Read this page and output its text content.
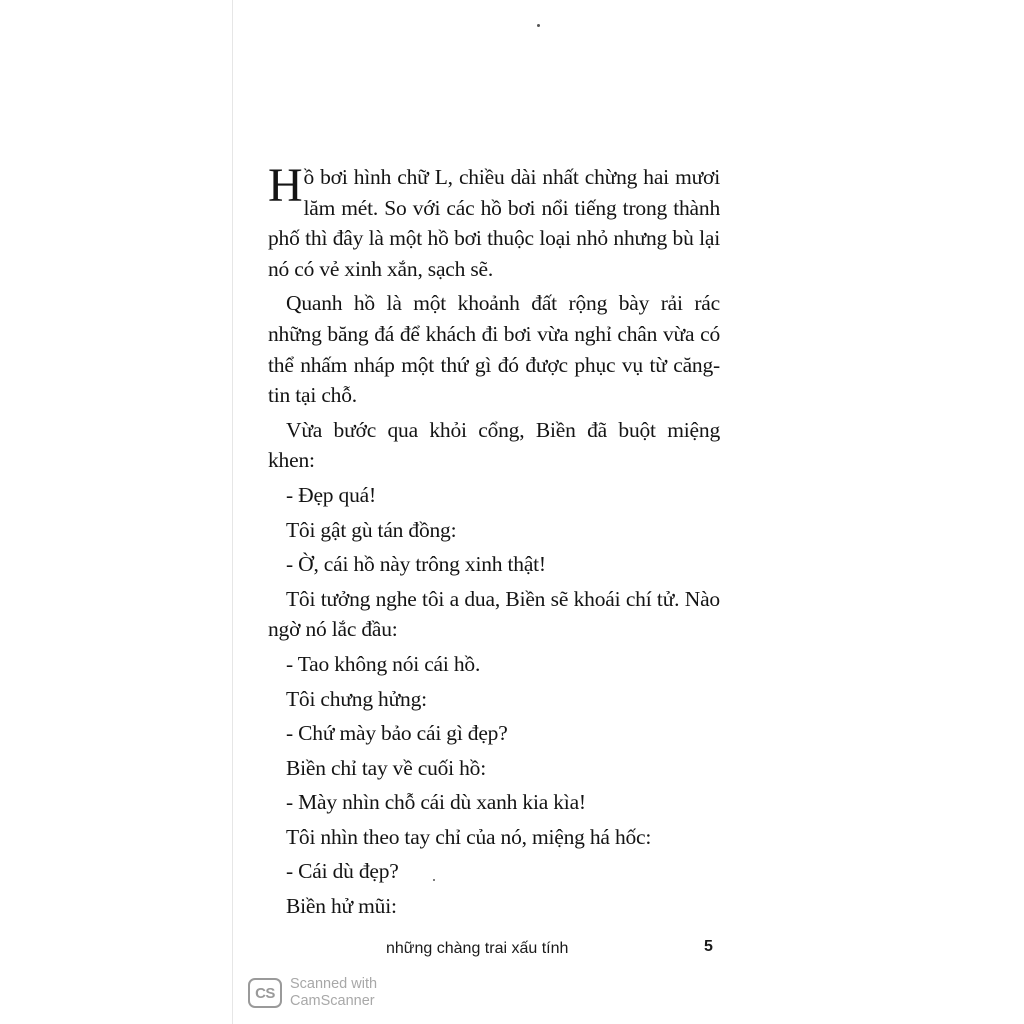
Hồ bơi hình chữ L, chiều dài nhất chừng hai mươi lăm mét. So với các hồ bơi nổi tiếng trong thành phố thì đây là một hồ bơi thuộc loại nhỏ nhưng bù lại nó có vẻ xinh xắn, sạch sẽ.

Quanh hồ là một khoảnh đất rộng bày rải rác những băng đá để khách đi bơi vừa nghỉ chân vừa có thể nhấm nháp một thứ gì đó được phục vụ từ căng-tin tại chỗ.

Vừa bước qua khỏi cổng, Biền đã buột miệng khen:

- Đẹp quá!

Tôi gật gù tán đồng:

- Ờ, cái hồ này trông xinh thật!

Tôi tưởng nghe tôi a dua, Biền sẽ khoái chí tử. Nào ngờ nó lắc đầu:

- Tao không nói cái hồ.

Tôi chưng hửng:

- Chứ mày bảo cái gì đẹp?

Biền chỉ tay về cuối hồ:

- Mày nhìn chỗ cái dù xanh kia kìa!

Tôi nhìn theo tay chỉ của nó, miệng há hốc:

- Cái dù đẹp?

Biền hử mũi:

những chàng trai xấu tính	5
CS
Scanned with
CamScanner
